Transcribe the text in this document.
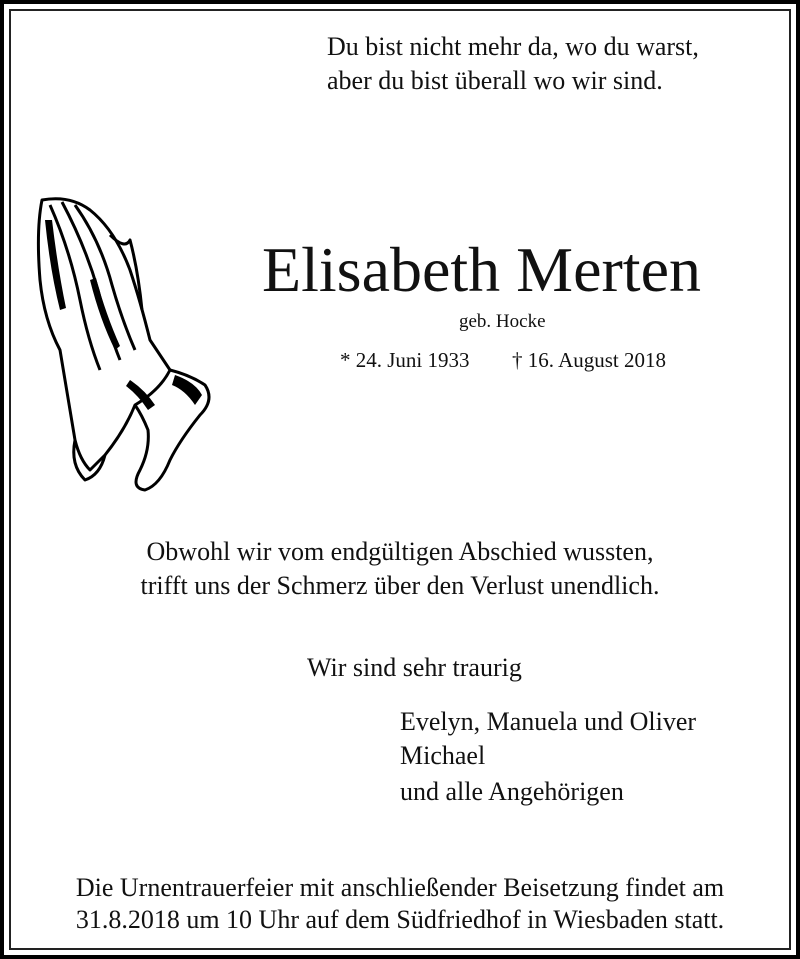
Du bist nicht mehr da, wo du warst,
aber du bist überall wo wir sind.
Elisabeth Merten
geb. Hocke
* 24. Juni 1933 † 16. August 2018
Obwohl wir vom endgültigen Abschied wussten,
trifft uns der Schmerz über den Verlust unendlich.
Wir sind sehr traurig
Evelyn, Manuela und Oliver
Michael
und alle Angehörigen
Die Urnentrauerfeier mit anschließender Beisetzung findet am
31.8.2018 um 10 Uhr auf dem Südfriedhof in Wiesbaden statt.
